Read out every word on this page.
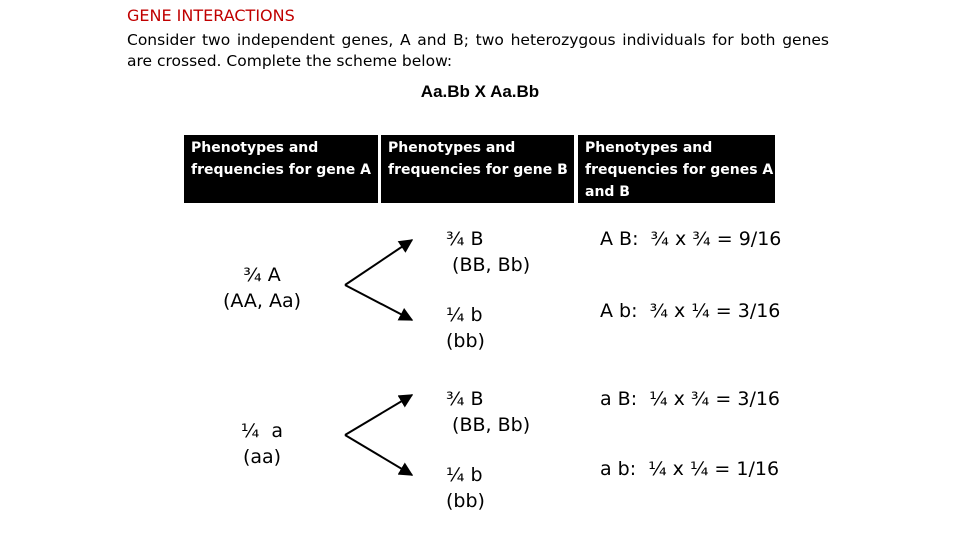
GENE INTERACTIONS
Consider two independent genes, A and B; two heterozygous individuals for both genes are crossed. Complete the scheme below:
Aa.Bb X Aa.Bb
Phenotypes and frequencies for gene A
Phenotypes and frequencies for gene B
Phenotypes and frequencies for genes A and B
¾ A
(AA, Aa)
¼  a
(aa)
¾ B
(BB, Bb)
¼ b
(bb)
¾ B
(BB, Bb)
¼ b
(bb)
A B:  ¾ x ¾ = 9/16
A b:  ¾ x ¼ = 3/16
a B:  ¼ x ¾ = 3/16
a b:  ¼ x ¼ = 1/16
